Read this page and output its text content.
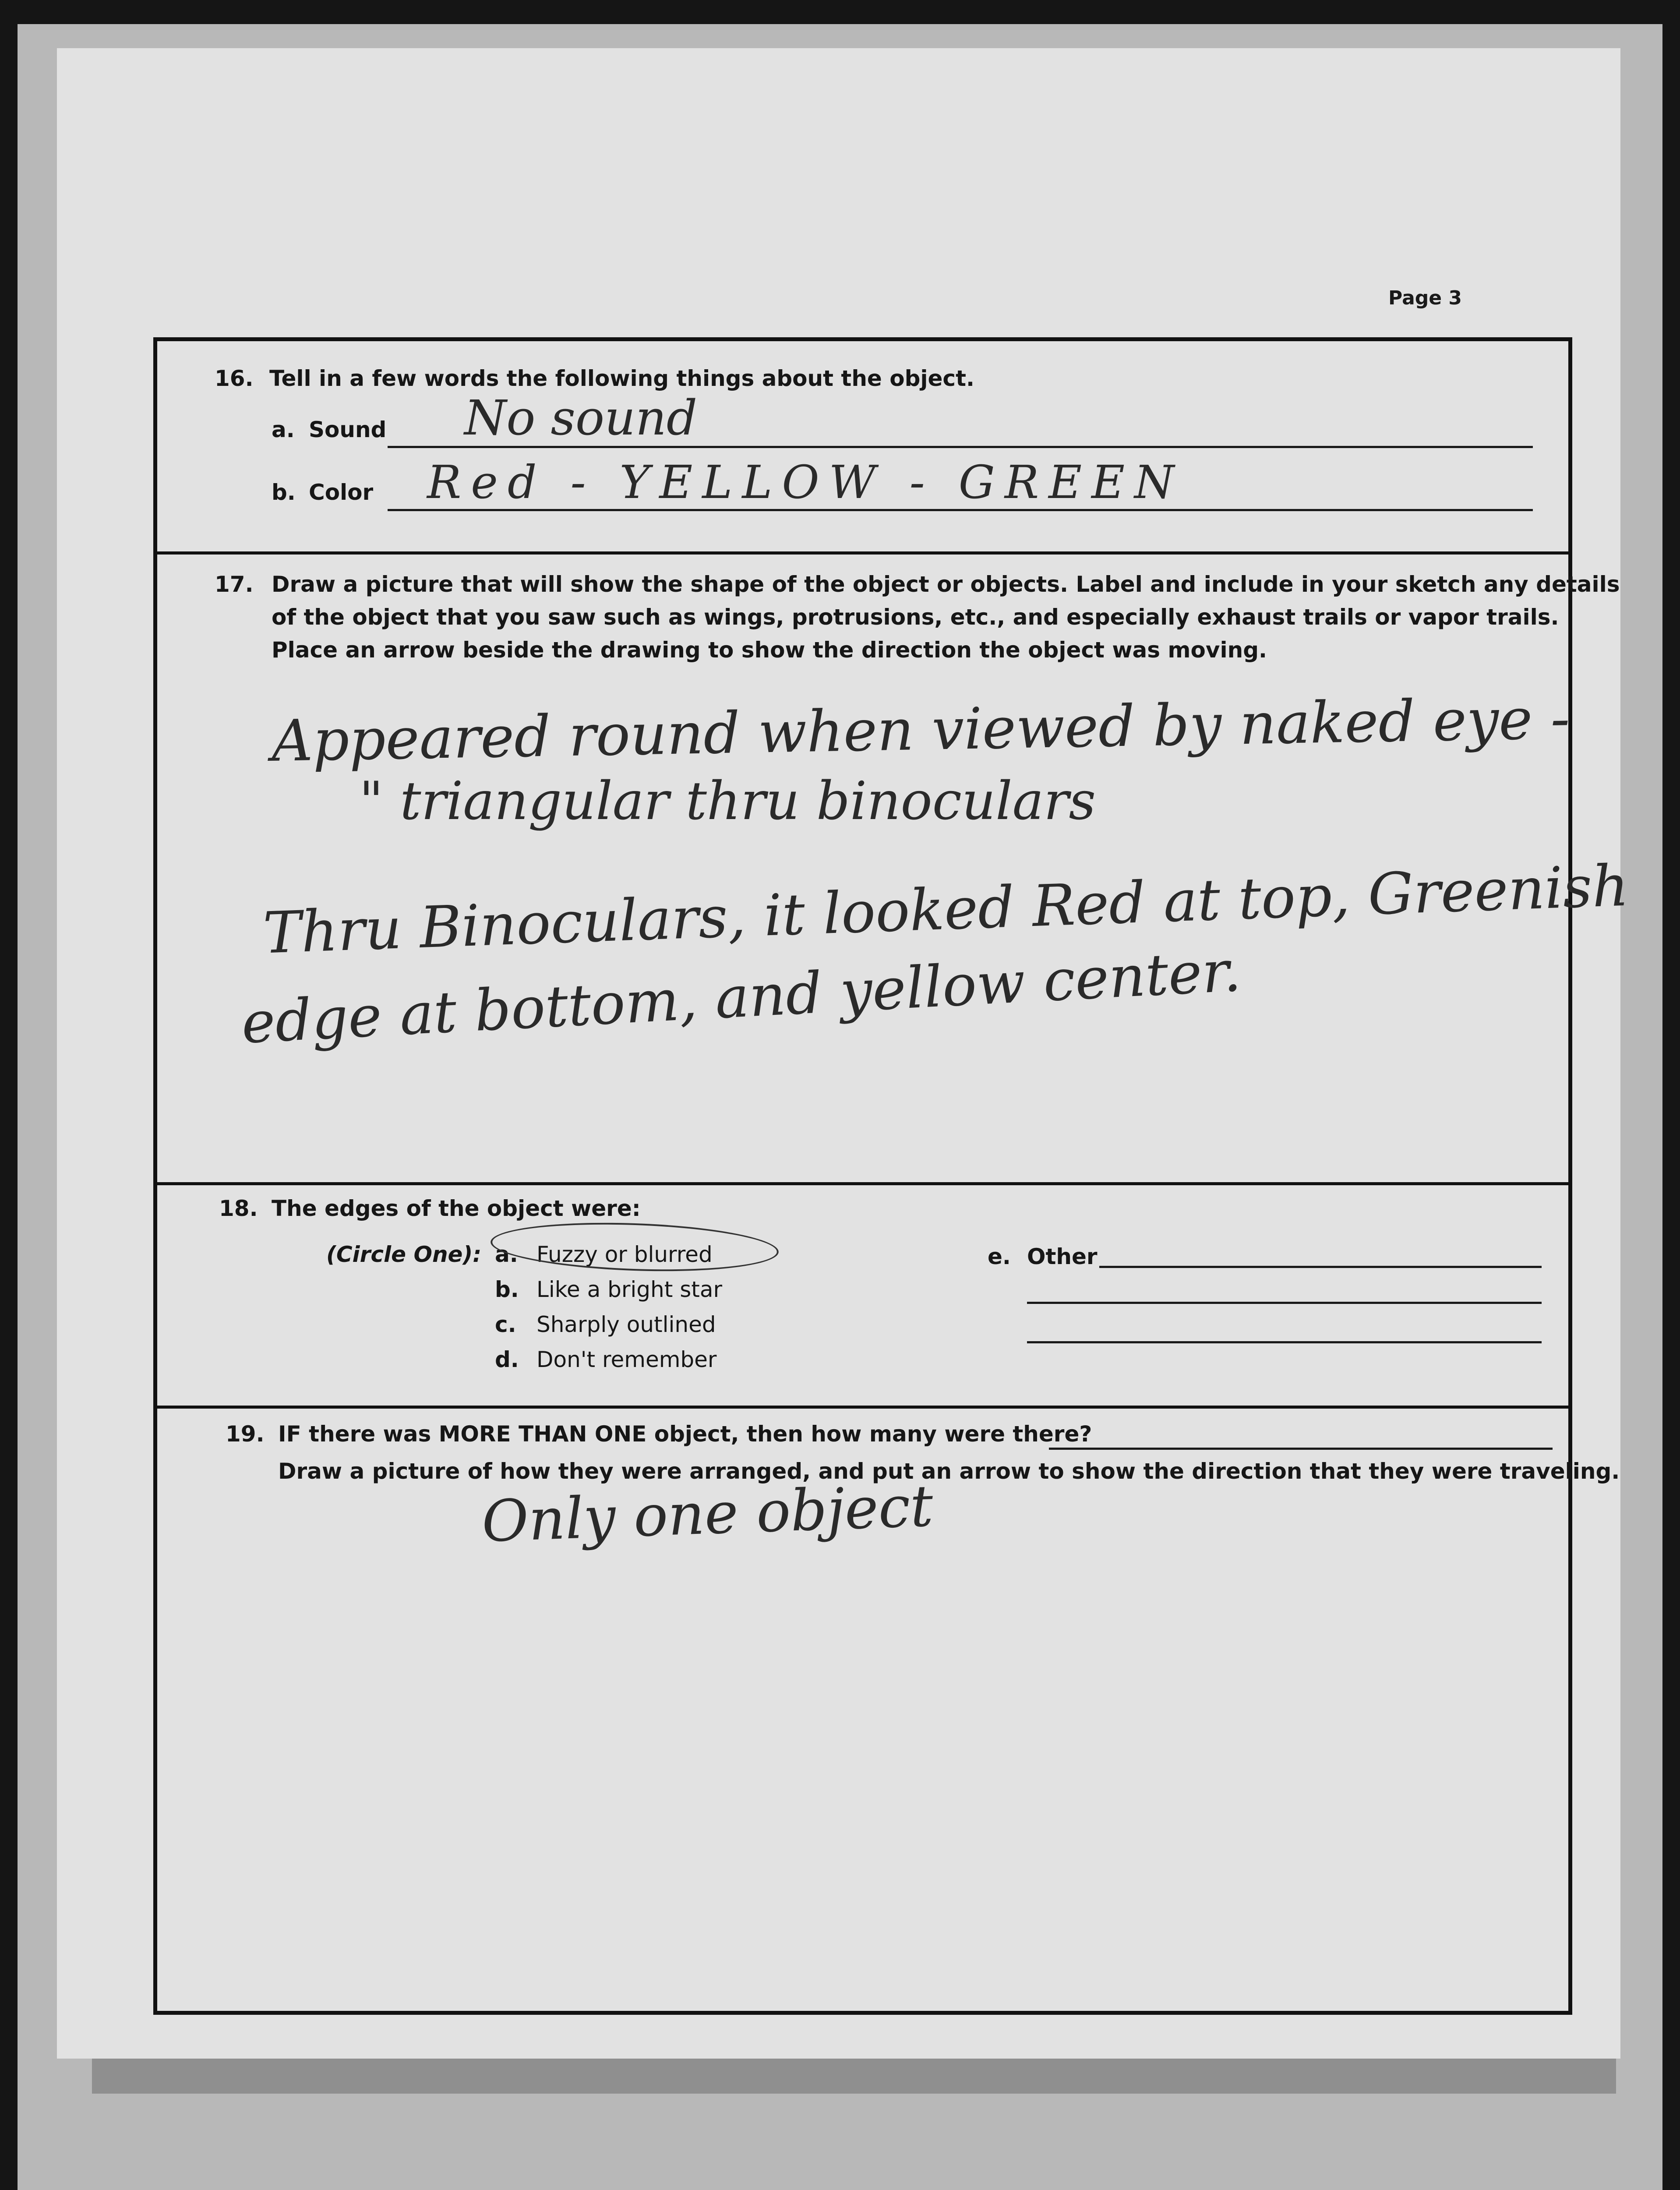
Page 3
16. Tell in a few words the following things about the object.
a. Sound No sound
b. Color Red - YELLOW - GREEN
17. Draw a picture that will show the shape of the object or objects. Label and include in your sketch any details
of the object that you saw such as wings, protrusions, etc., and especially exhaust trails or vapor trails.
Place an arrow beside the drawing to show the direction the object was moving.
Appeared round when viewed by naked eye -
" triangular thru binoculars
Thru Binoculars, it looked Red at top, Greenish
edge at bottom, and yellow center.
18. The edges of the object were:
(Circle One): a. Fuzzy or blurred
b. Like a bright star
c. Sharply outlined
d. Don't remember
e. Other
19. IF there was MORE THAN ONE object, then how many were there?
Draw a picture of how they were arranged, and put an arrow to show the direction that they were traveling.
Only one object
